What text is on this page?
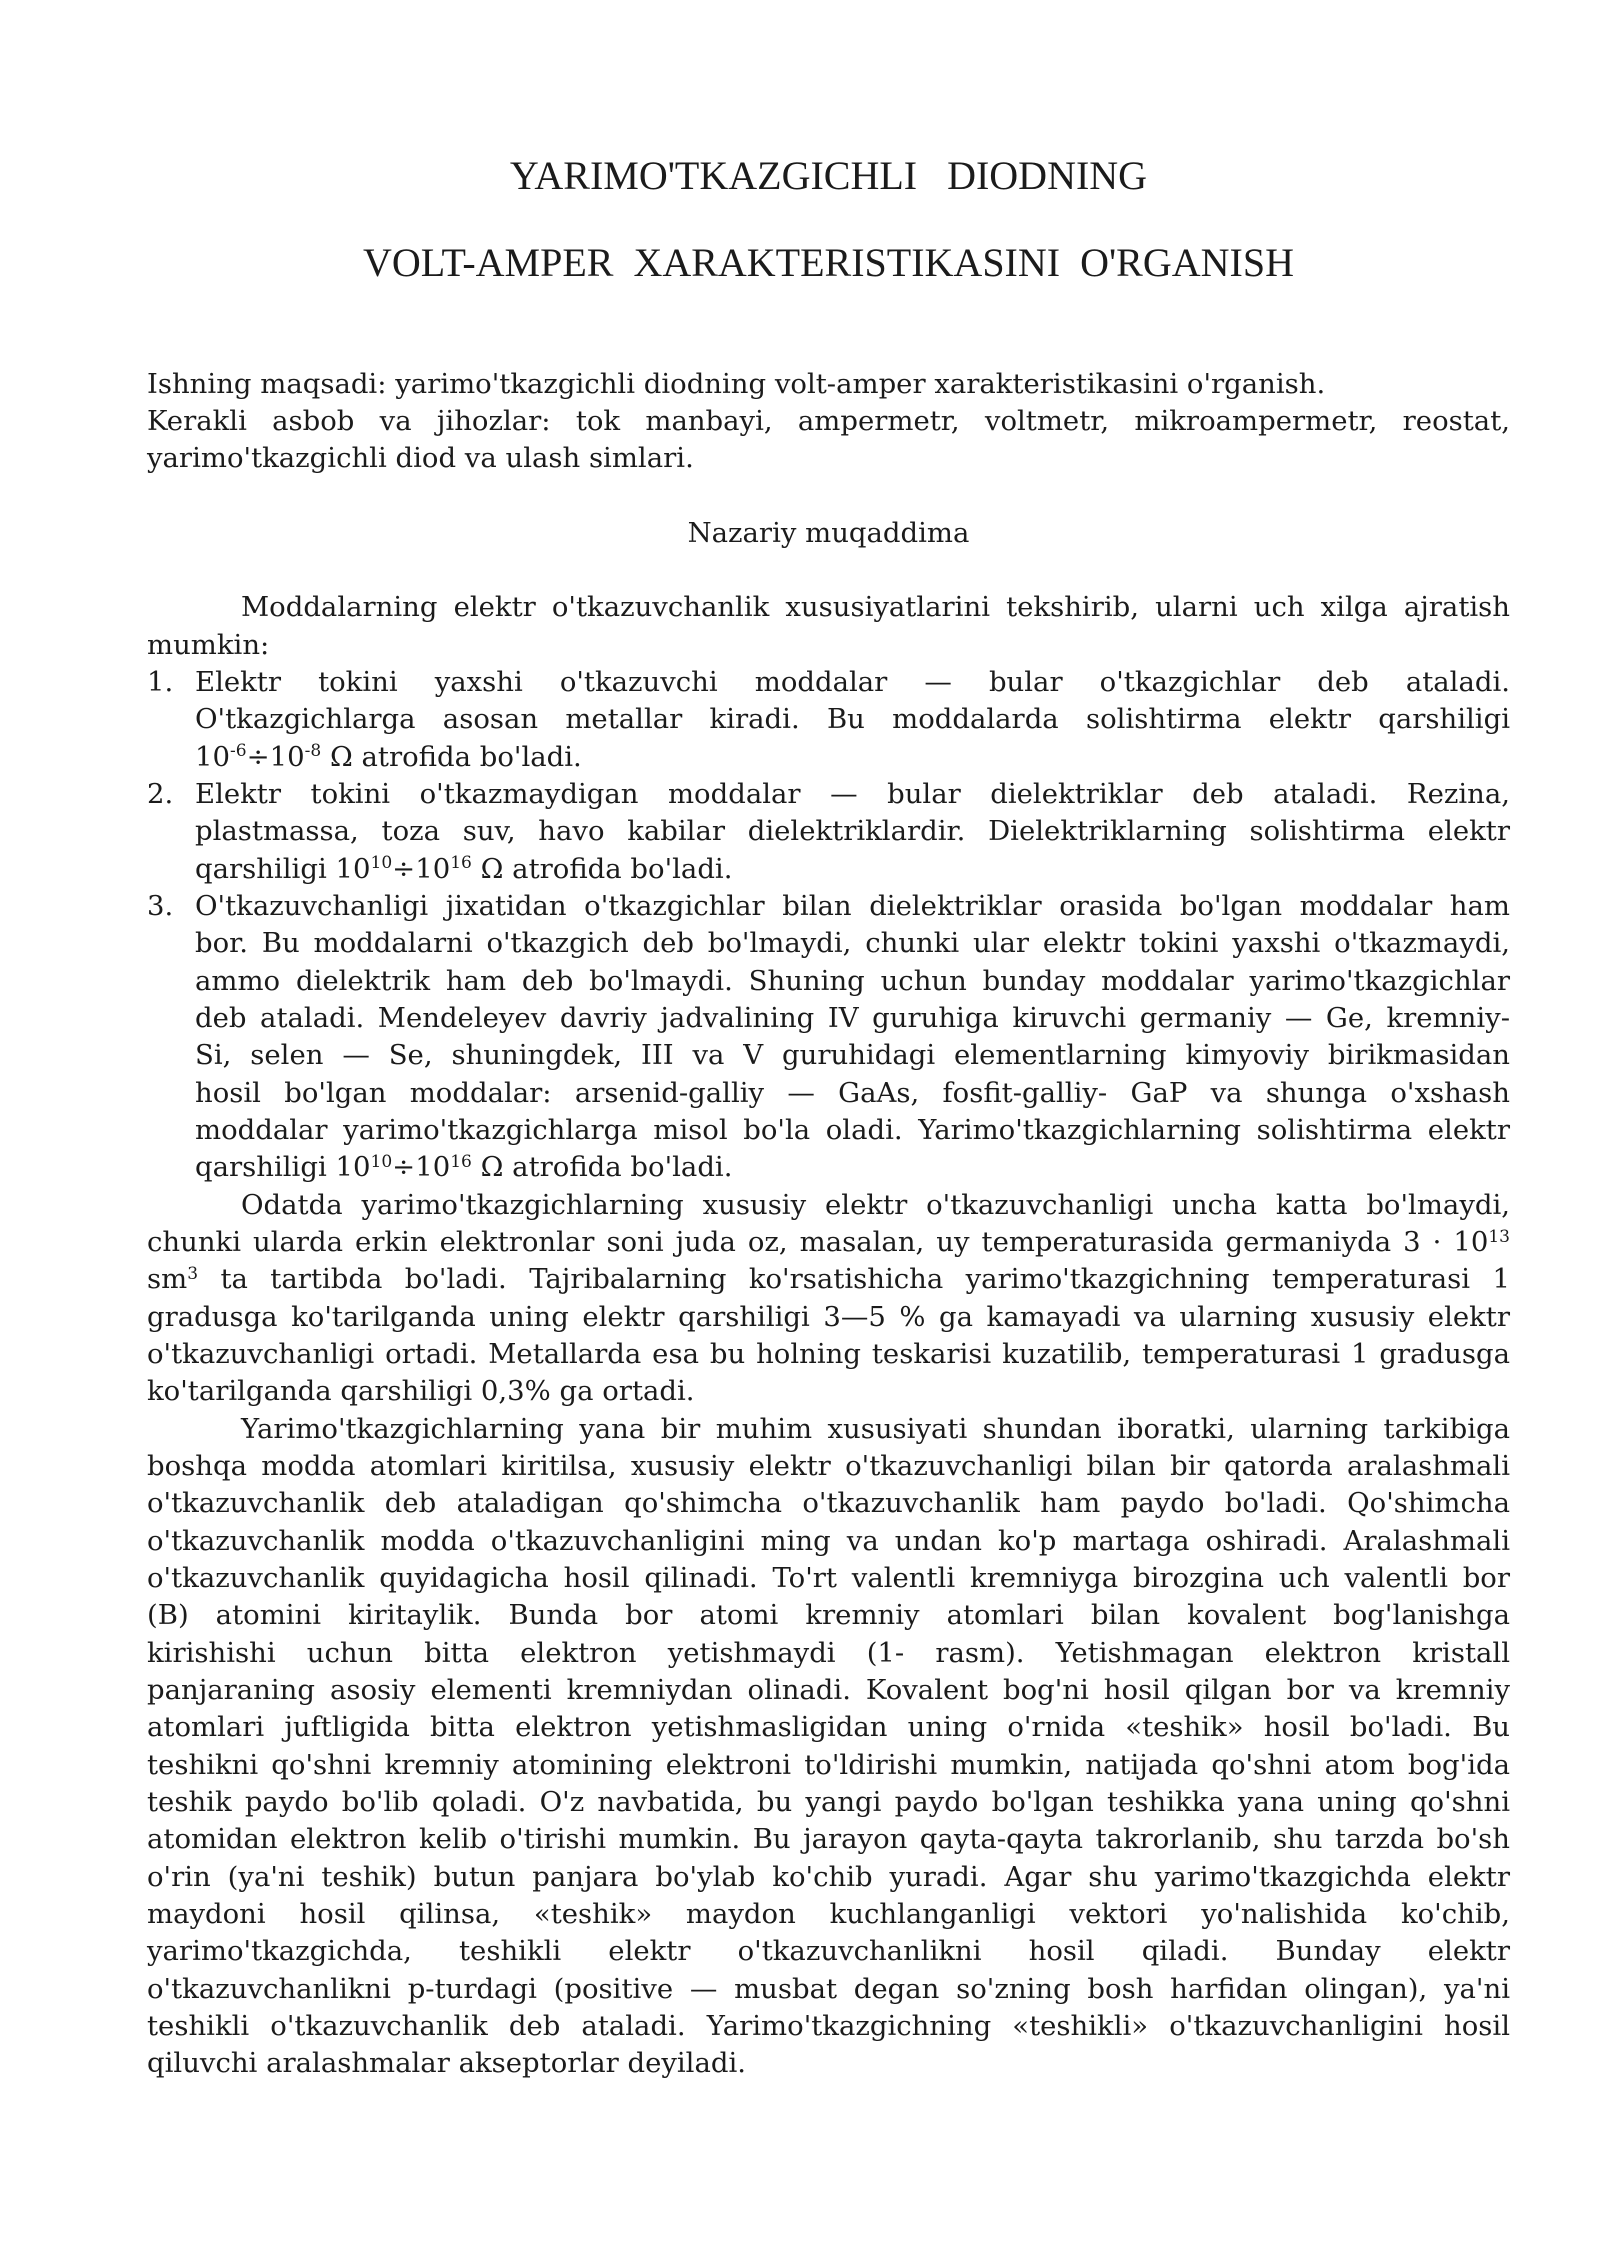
YARIMO'TKAZGICHLI   DIODNING
VOLT-AMPER  XARAKTERISTIKASINI  O'RGANISH
Ishning maqsadi: yarimo'tkazgichli diodning volt-amper xarakteristikasini o'rganish.
Kerakli asbob va jihozlar: tok manbayi, ampermetr, voltmetr, mikroampermetr, reostat,
yarimo'tkazgichli diod va ulash simlari.
Nazariy muqaddima
Moddalarning elektr o'tkazuvchanlik xususiyatlarini tekshirib, ularni uch xilga ajratish
mumkin:
1. Elektr tokini yaxshi o'tkazuvchi moddalar — bular o'tkazgichlar deb ataladi.
O'tkazgichlarga asosan metallar kiradi. Bu moddalarda solishtirma elektr qarshiligi
$10^{-6}\div 10^{-8}$ Ω atrofida bo'ladi.
2. Elektr tokini o'tkazmaydigan moddalar — bular dielektriklar deb ataladi. Rezina,
plastmassa, toza suv, havo kabilar dielektriklardir. Dielektriklarning solishtirma elektr
qarshiligi $10^{10}\div 10^{16}$ Ω atrofida bo'ladi.
3. O'tkazuvchanligi jixatidan o'tkazgichlar bilan dielektriklar orasida bo'lgan moddalar ham
bor. Bu moddalarni o'tkazgich deb bo'lmaydi, chunki ular elektr tokini yaxshi o'tkazmaydi,
ammo dielektrik ham deb bo'lmaydi. Shuning uchun bunday moddalar yarimo'tkazgichlar
deb ataladi. Mendeleyev davriy jadvalining IV guruhiga kiruvchi germaniy — Ge, kremniy-
Si, selen — Se, shuningdek, III va V guruhidagi elementlarning kimyoviy birikmasidan
hosil bo'lgan moddalar: arsenid-galliy — GaAs, fosfit-galliy- GaP va shunga o'xshash
moddalar yarimo'tkazgichlarga misol bo'la oladi. Yarimo'tkazgichlarning solishtirma elektr
qarshiligi $10^{10}\div 10^{16}$ Ω atrofida bo'ladi.
Odatda yarimo'tkazgichlarning xususiy elektr o'tkazuvchanligi uncha katta bo'lmaydi,
chunki ularda erkin elektronlar soni juda oz, masalan, uy temperaturasida germaniyda $3 \cdot 10^{13}$
$sm^3$ ta tartibda bo'ladi. Tajribalarning ko'rsatishicha yarimo'tkazgichning temperaturasi 1
gradusga ko'tarilganda uning elektr qarshiligi 3—5 % ga kamayadi va ularning xususiy elektr
o'tkazuvchanligi ortadi. Metallarda esa bu holning teskarisi kuzatilib, temperaturasi 1 gradusga
ko'tarilganda qarshiligi 0,3% ga ortadi.
Yarimo'tkazgichlarning yana bir muhim xususiyati shundan iboratki, ularning tarkibiga
boshqa modda atomlari kiritilsa, xususiy elektr o'tkazuvchanligi bilan bir qatorda aralashmali
o'tkazuvchanlik deb ataladigan qo'shimcha o'tkazuvchanlik ham paydo bo'ladi. Qo'shimcha
o'tkazuvchanlik modda o'tkazuvchanligini ming va undan ko'p martaga oshiradi. Aralashmali
o'tkazuvchanlik quyidagicha hosil qilinadi. To'rt valentli kremniyga birozgina uch valentli bor
(B) atomini kiritaylik. Bunda bor atomi kremniy atomlari bilan kovalent bog'lanishga
kirishishi uchun bitta elektron yetishmaydi (1- rasm). Yetishmagan elektron kristall
panjaraning asosiy elementi kremniydan olinadi. Kovalent bog'ni hosil qilgan bor va kremniy
atomlari juftligida bitta elektron yetishmasligidan uning o'rnida «teshik» hosil bo'ladi. Bu
teshikni qo'shni kremniy atomining elektroni to'ldirishi mumkin, natijada qo'shni atom bog'ida
teshik paydo bo'lib qoladi. O'z navbatida, bu yangi paydo bo'lgan teshikka yana uning qo'shni
atomidan elektron kelib o'tirishi mumkin. Bu jarayon qayta-qayta takrorlanib, shu tarzda bo'sh
o'rin (ya'ni teshik) butun panjara bo'ylab ko'chib yuradi. Agar shu yarimo'tkazgichda elektr
maydoni hosil qilinsa, «teshik» maydon kuchlanganligi vektori yo'nalishida ko'chib,
yarimo'tkazgichda, teshikli elektr o'tkazuvchanlikni hosil qiladi. Bunday elektr
o'tkazuvchanlikni p-turdagi (positive — musbat degan so'zning bosh harfidan olingan), ya'ni
teshikli o'tkazuvchanlik deb ataladi. Yarimo'tkazgichning «teshikli» o'tkazuvchanligini hosil
qiluvchi aralashmalar akseptorlar deyiladi.
